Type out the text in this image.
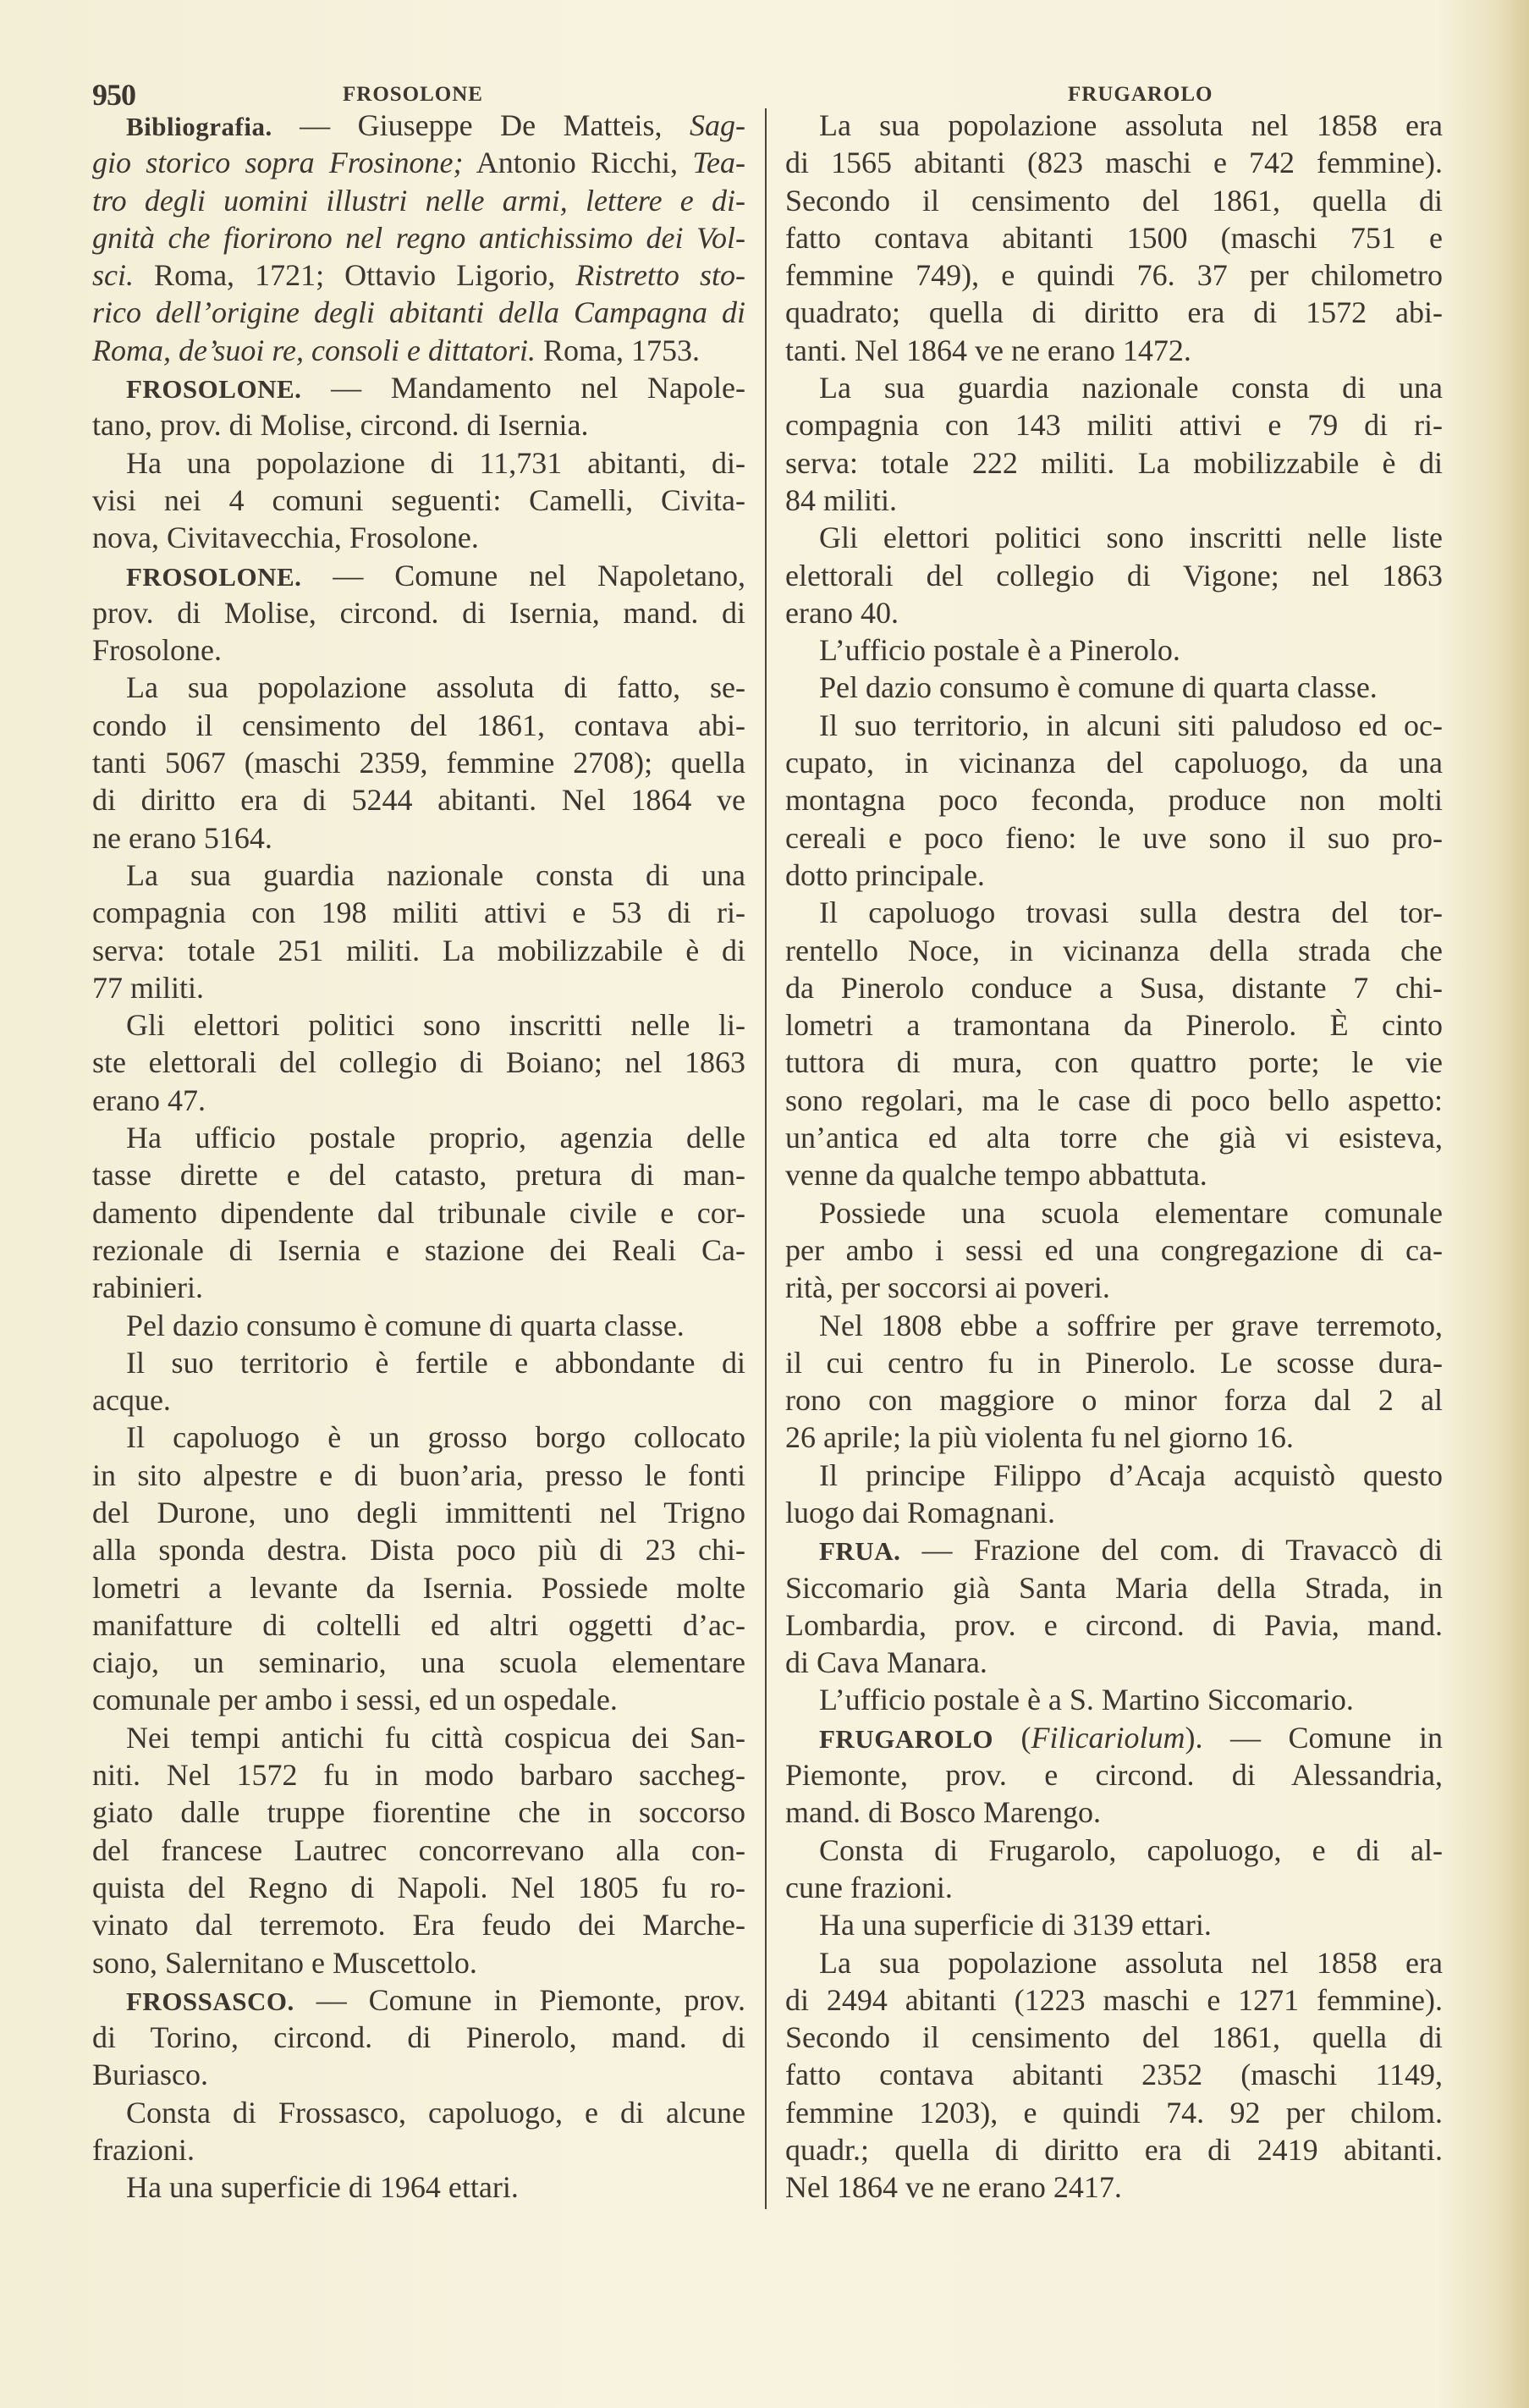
950	FROSOLONE	FRUGAROLO
Bibliografia. — Giuseppe De Matteis, Sag-
gio storico sopra Frosinone; Antonio Ricchi, Tea-
tro degli uomini illustri nelle armi, lettere e di-
gnità che fiorirono nel regno antichissimo dei Vol-
sci. Roma, 1721; Ottavio Ligorio, Ristretto sto-
rico dell’origine degli abitanti della Campagna di
Roma, de’suoi re, consoli e dittatori. Roma, 1753.
FROSOLONE. — Mandamento nel Napole-
tano, prov. di Molise, circond. di Isernia.
Ha una popolazione di 11,731 abitanti, di-
visi nei 4 comuni seguenti: Camelli, Civita-
nova, Civitavecchia, Frosolone.
FROSOLONE. — Comune nel Napoletano,
prov. di Molise, circond. di Isernia, mand. di
Frosolone.
La sua popolazione assoluta di fatto, se-
condo il censimento del 1861, contava abi-
tanti 5067 (maschi 2359, femmine 2708); quella
di diritto era di 5244 abitanti. Nel 1864 ve
ne erano 5164.
La sua guardia nazionale consta di una
compagnia con 198 militi attivi e 53 di ri-
serva: totale 251 militi. La mobilizzabile è di
77 militi.
Gli elettori politici sono inscritti nelle li-
ste elettorali del collegio di Boiano; nel 1863
erano 47.
Ha ufficio postale proprio, agenzia delle
tasse dirette e del catasto, pretura di man-
damento dipendente dal tribunale civile e cor-
rezionale di Isernia e stazione dei Reali Ca-
rabinieri.
Pel dazio consumo è comune di quarta classe.
Il suo territorio è fertile e abbondante di
acque.
Il capoluogo è un grosso borgo collocato
in sito alpestre e di buon’aria, presso le fonti
del Durone, uno degli immittenti nel Trigno
alla sponda destra. Dista poco più di 23 chi-
lometri a levante da Isernia. Possiede molte
manifatture di coltelli ed altri oggetti d’ac-
ciajo, un seminario, una scuola elementare
comunale per ambo i sessi, ed un ospedale.
Nei tempi antichi fu città cospicua dei San-
niti. Nel 1572 fu in modo barbaro saccheg-
giato dalle truppe fiorentine che in soccorso
del francese Lautrec concorrevano alla con-
quista del Regno di Napoli. Nel 1805 fu ro-
vinato dal terremoto. Era feudo dei Marche-
sono, Salernitano e Muscettolo.
FROSSASCO. — Comune in Piemonte, prov.
di Torino, circond. di Pinerolo, mand. di
Buriasco.
Consta di Frossasco, capoluogo, e di alcune
frazioni.
Ha una superficie di 1964 ettari.
La sua popolazione assoluta nel 1858 era
di 1565 abitanti (823 maschi e 742 femmine).
Secondo il censimento del 1861, quella di
fatto contava abitanti 1500 (maschi 751 e
femmine 749), e quindi 76. 37 per chilometro
quadrato; quella di diritto era di 1572 abi-
tanti. Nel 1864 ve ne erano 1472.
La sua guardia nazionale consta di una
compagnia con 143 militi attivi e 79 di ri-
serva: totale 222 militi. La mobilizzabile è di
84 militi.
Gli elettori politici sono inscritti nelle liste
elettorali del collegio di Vigone; nel 1863
erano 40.
L’ufficio postale è a Pinerolo.
Pel dazio consumo è comune di quarta classe.
Il suo territorio, in alcuni siti paludoso ed oc-
cupato, in vicinanza del capoluogo, da una
montagna poco feconda, produce non molti
cereali e poco fieno: le uve sono il suo pro-
dotto principale.
Il capoluogo trovasi sulla destra del tor-
rentello Noce, in vicinanza della strada che
da Pinerolo conduce a Susa, distante 7 chi-
lometri a tramontana da Pinerolo. È cinto
tuttora di mura, con quattro porte; le vie
sono regolari, ma le case di poco bello aspetto:
un’antica ed alta torre che già vi esisteva,
venne da qualche tempo abbattuta.
Possiede una scuola elementare comunale
per ambo i sessi ed una congregazione di ca-
rità, per soccorsi ai poveri.
Nel 1808 ebbe a soffrire per grave terremoto,
il cui centro fu in Pinerolo. Le scosse dura-
rono con maggiore o minor forza dal 2 al
26 aprile; la più violenta fu nel giorno 16.
Il principe Filippo d’Acaja acquistò questo
luogo dai Romagnani.
FRUA. — Frazione del com. di Travaccò di
Siccomario già Santa Maria della Strada, in
Lombardia, prov. e circond. di Pavia, mand.
di Cava Manara.
L’ufficio postale è a S. Martino Siccomario.
FRUGAROLO (Filicariolum). — Comune in
Piemonte, prov. e circond. di Alessandria,
mand. di Bosco Marengo.
Consta di Frugarolo, capoluogo, e di al-
cune frazioni.
Ha una superficie di 3139 ettari.
La sua popolazione assoluta nel 1858 era
di 2494 abitanti (1223 maschi e 1271 femmine).
Secondo il censimento del 1861, quella di
fatto contava abitanti 2352 (maschi 1149,
femmine 1203), e quindi 74. 92 per chilom.
quadr.; quella di diritto era di 2419 abitanti.
Nel 1864 ve ne erano 2417.
